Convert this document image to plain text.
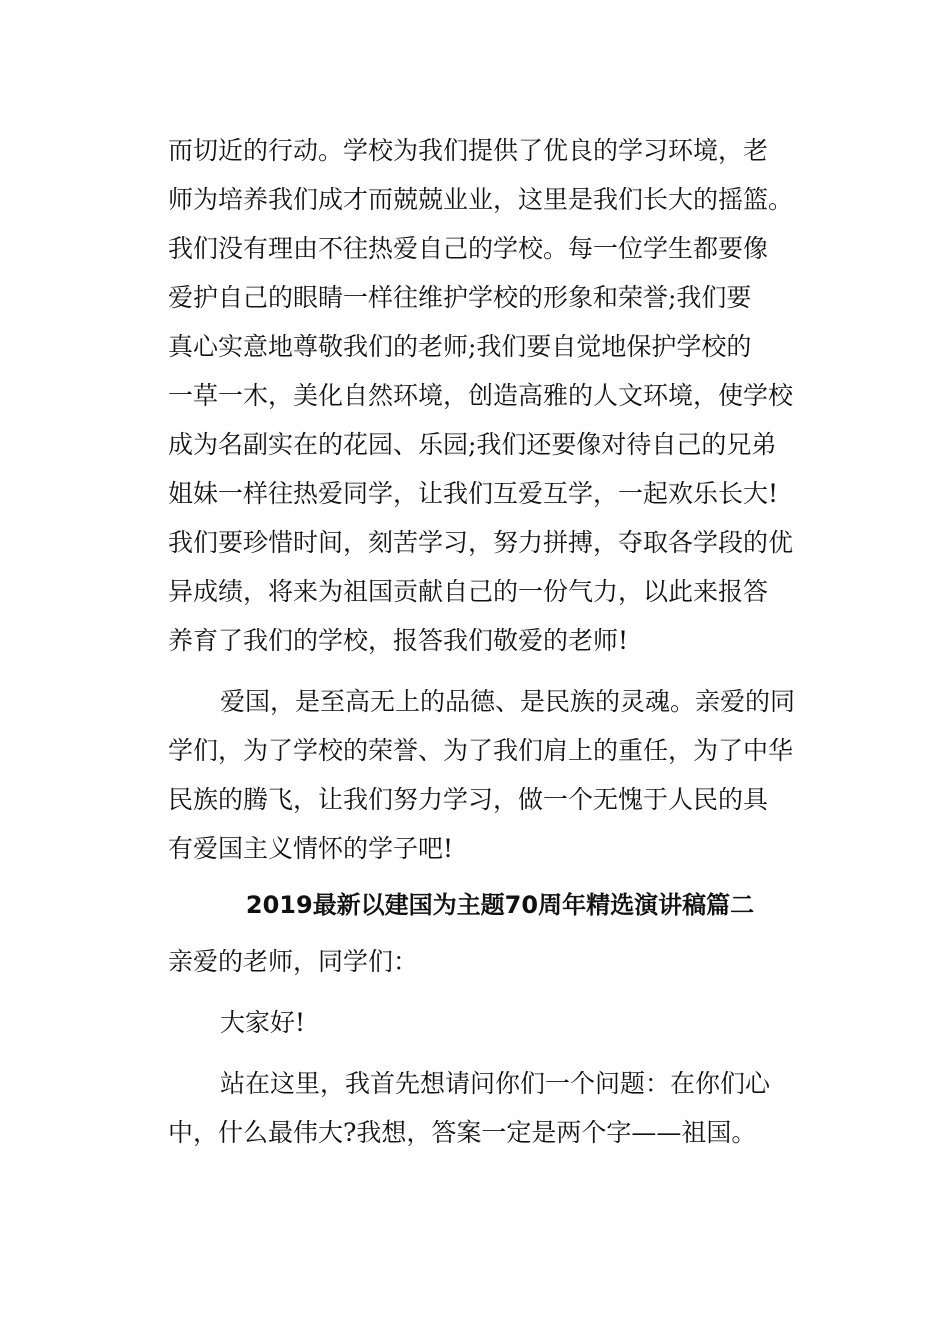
而切近的行动。学校为我们提供了优良的学习环境，老
师为培养我们成才而兢兢业业，这里是我们长大的摇篮。
我们没有理由不往热爱自己的学校。每一位学生都要像
爱护自己的眼睛一样往维护学校的形象和荣誉;我们要
真心实意地尊敬我们的老师;我们要自觉地保护学校的
一草一木，美化自然环境，创造高雅的人文环境，使学校
成为名副实在的花园、乐园;我们还要像对待自己的兄弟
姐妹一样往热爱同学，让我们互爱互学，一起欢乐长大!
我们要珍惜时间，刻苦学习，努力拼搏，夺取各学段的优
异成绩，将来为祖国贡献自己的一份气力，以此来报答
养育了我们的学校，报答我们敬爱的老师!
爱国，是至高无上的品德、是民族的灵魂。亲爱的同
学们，为了学校的荣誉、为了我们肩上的重任，为了中华
民族的腾飞，让我们努力学习，做一个无愧于人民的具
有爱国主义情怀的学子吧!
2019最新以建国为主题70周年精选演讲稿篇二
亲爱的老师，同学们：
大家好!
站在这里，我首先想请问你们一个问题：在你们心
中，什么最伟大?我想，答案一定是两个字——祖国。
